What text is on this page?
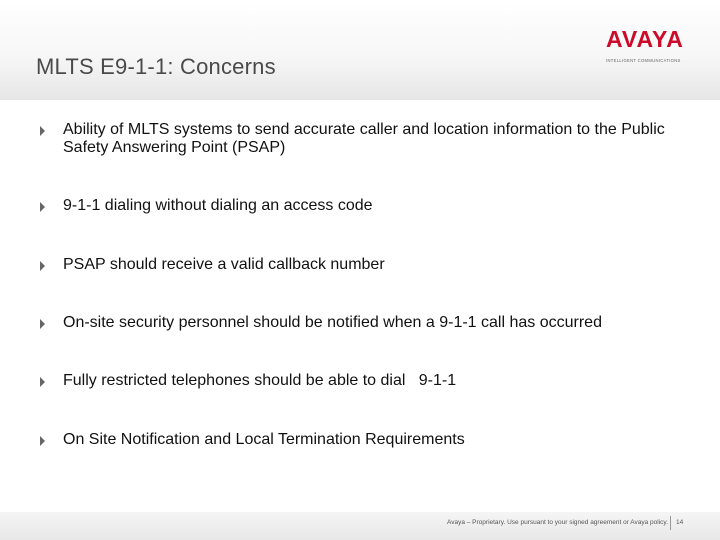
MLTS E9-1-1: Concerns
AVAYA
INTELLIGENT COMMUNICATIONS
Ability of MLTS systems to send accurate caller and location information to the Public Safety Answering Point (PSAP)
9-1-1 dialing without dialing an access code
PSAP should receive a valid callback number
On-site security personnel should be notified when a 9-1-1 call has occurred
Fully restricted telephones should be able to dial   9-1-1
On Site Notification and Local Termination Requirements
Avaya – Proprietary. Use pursuant to your signed agreement or Avaya policy. 14
